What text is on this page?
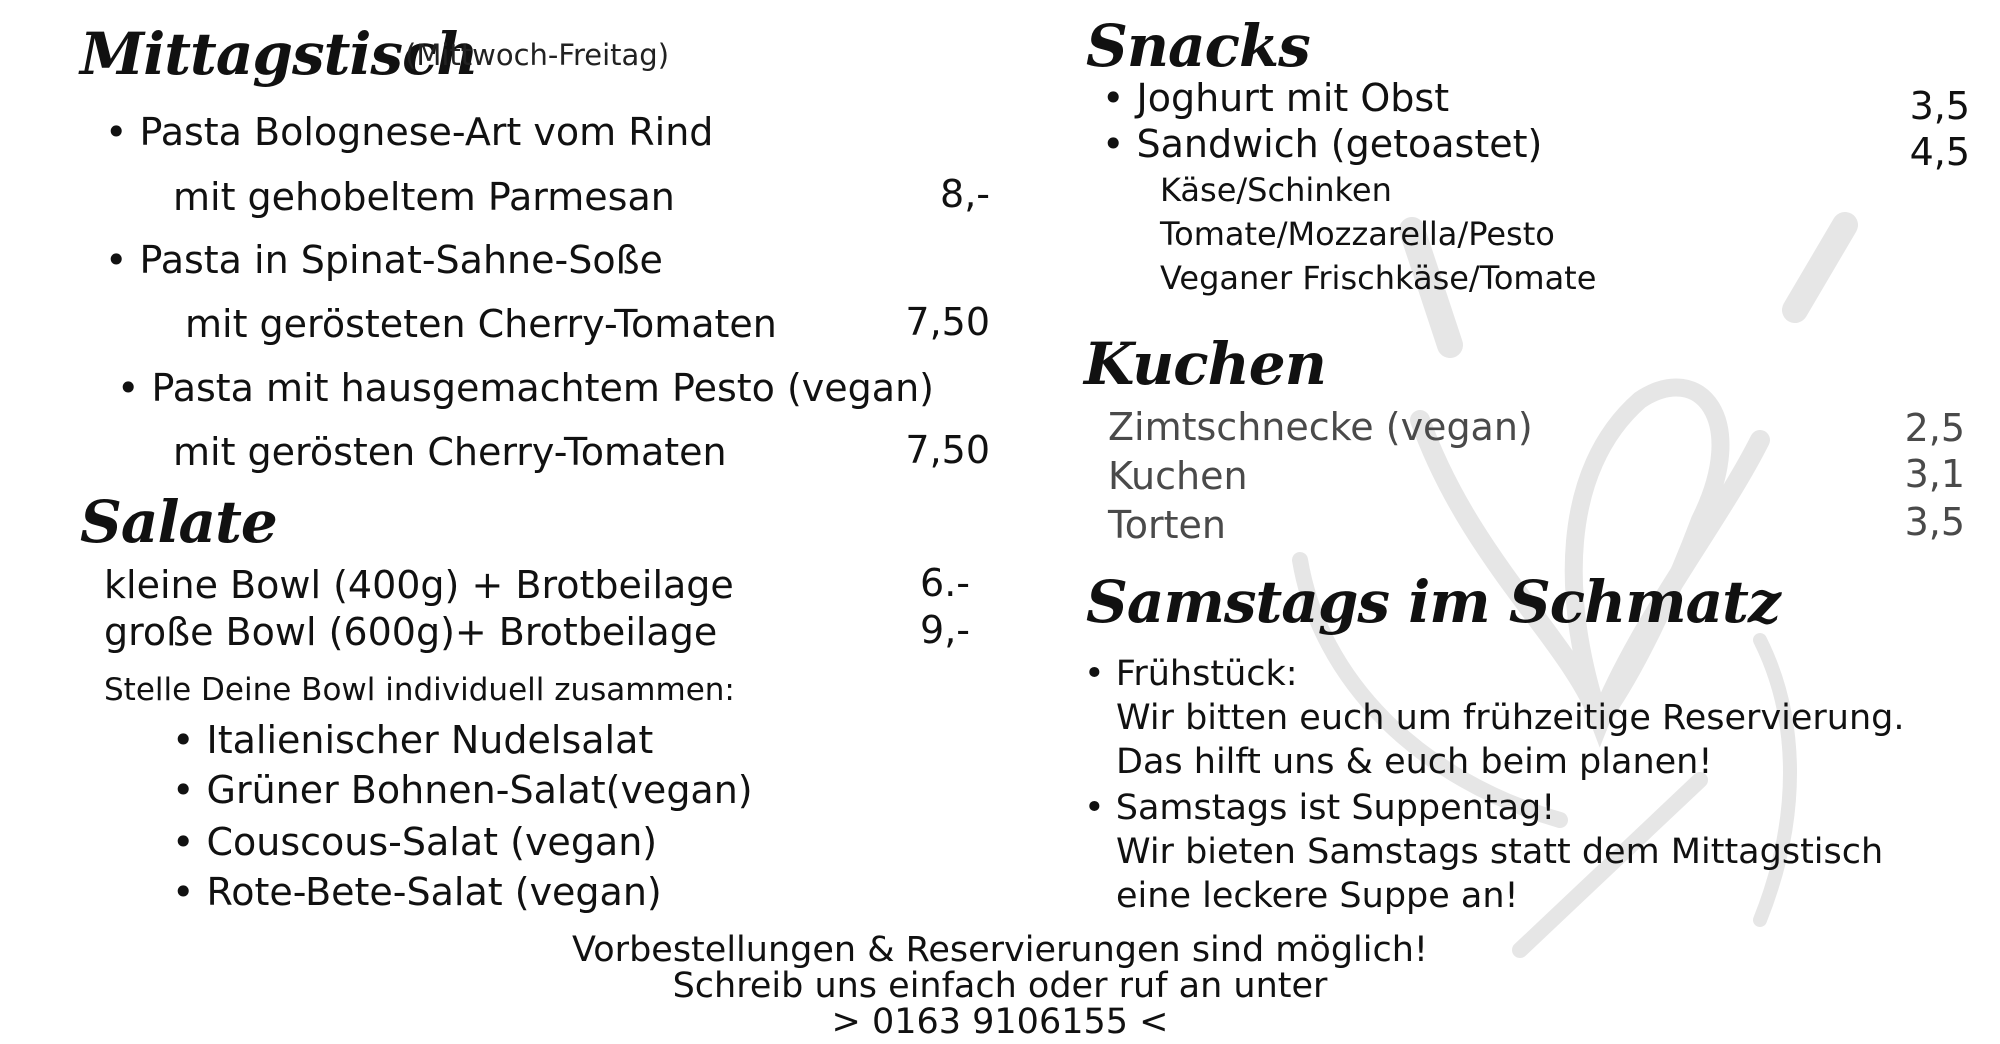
Mittagstisch
(Mittwoch-Freitag)
• Pasta Bolognese-Art vom Rind
mit gehobeltem Parmesan	8,-
• Pasta in Spinat-Sahne-Soße
mit gerösteten Cherry-Tomaten	7,50
• Pasta mit hausgemachtem Pesto (vegan)
mit gerösten Cherry-Tomaten	7,50
Salate
kleine Bowl (400g) + Brotbeilage	6.-
große Bowl (600g)+ Brotbeilage	9,-
Stelle Deine Bowl individuell zusammen:
• Italienischer Nudelsalat
• Grüner Bohnen-Salat(vegan)
• Couscous-Salat (vegan)
• Rote-Bete-Salat (vegan)
Snacks
• Joghurt mit Obst	3,5
• Sandwich (getoastet)	4,5
Käse/Schinken
Tomate/Mozzarella/Pesto
Veganer Frischkäse/Tomate
Kuchen
Zimtschnecke (vegan)	2,5
Kuchen	3,1
Torten	3,5
Samstags im Schmatz
• Frühstück:
Wir bitten euch um frühzeitige Reservierung.
Das hilft uns & euch beim planen!
• Samstags ist Suppentag!
Wir bieten Samstags statt dem Mittagstisch
eine leckere Suppe an!
Vorbestellungen & Reservierungen sind möglich!
Schreib uns einfach oder ruf an unter
> 0163 9106155 <
